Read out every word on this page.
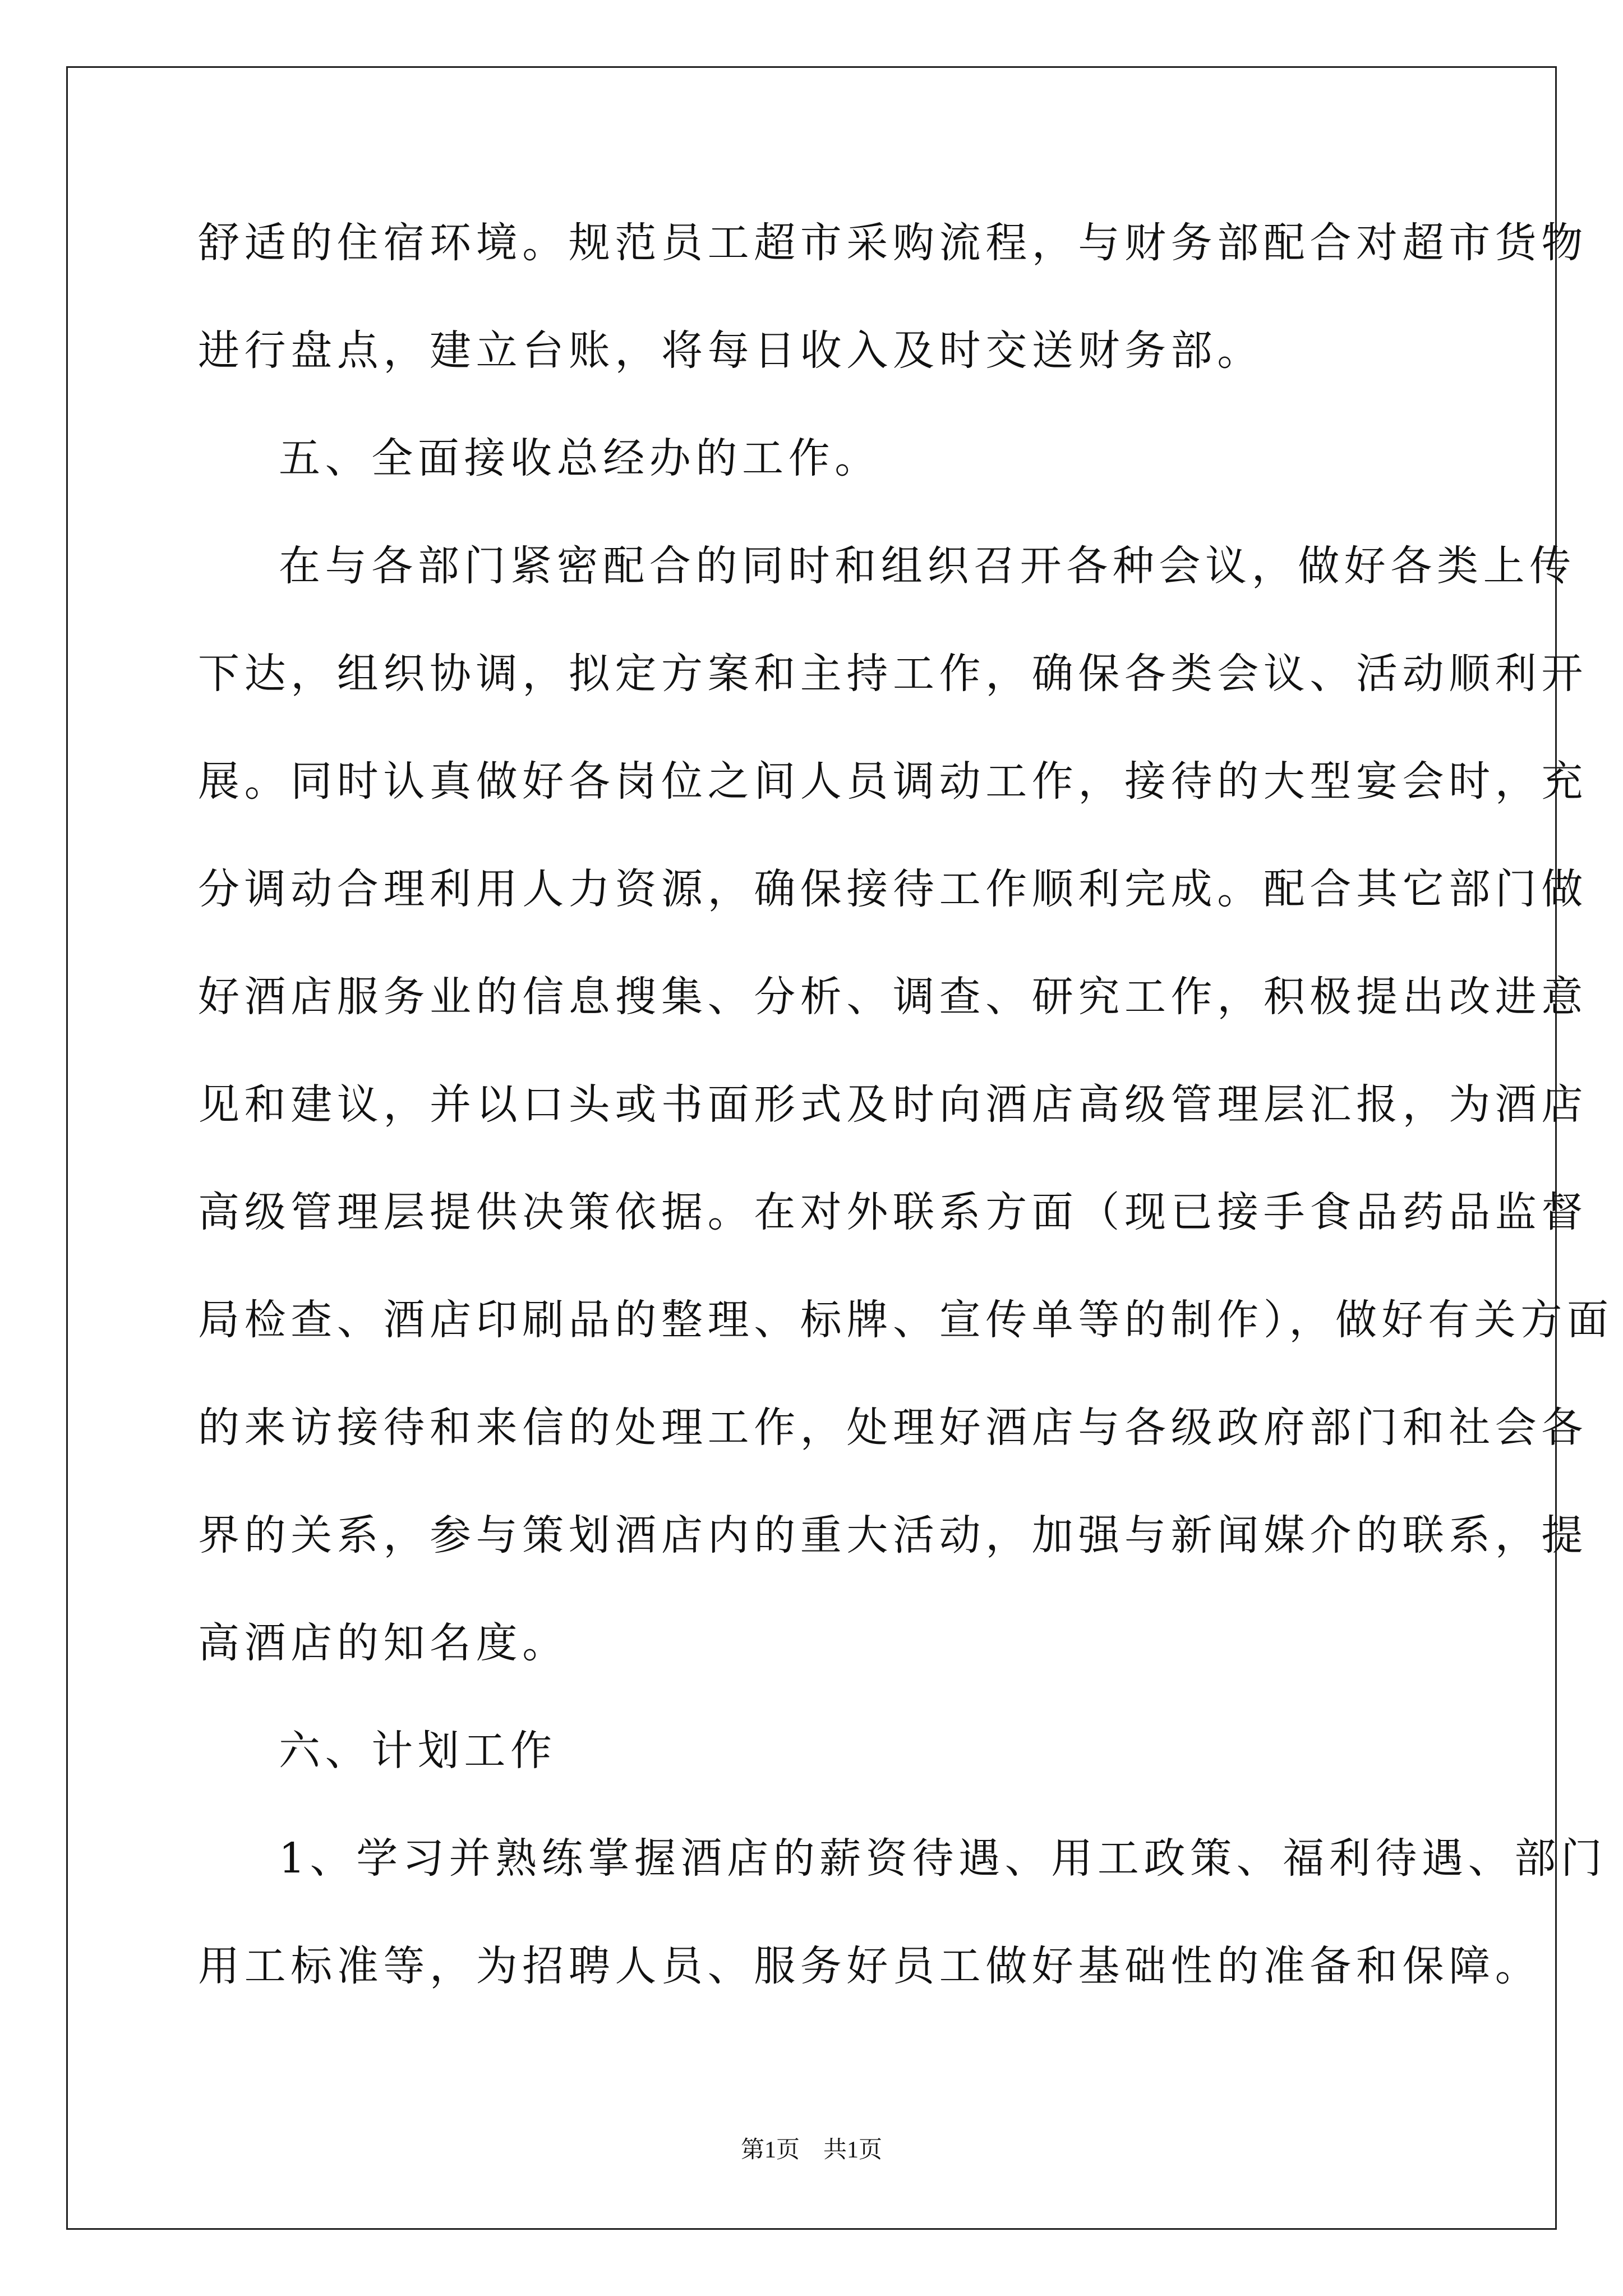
舒适的住宿环境。规范员工超市采购流程，与财务部配合对超市货物
进行盘点，建立台账，将每日收入及时交送财务部。
五、全面接收总经办的工作。
在与各部门紧密配合的同时和组织召开各种会议，做好各类上传
下达，组织协调，拟定方案和主持工作，确保各类会议、活动顺利开
展。同时认真做好各岗位之间人员调动工作，接待的大型宴会时，充
分调动合理利用人力资源，确保接待工作顺利完成。配合其它部门做
好酒店服务业的信息搜集、分析、调查、研究工作，积极提出改进意
见和建议，并以口头或书面形式及时向酒店高级管理层汇报，为酒店
高级管理层提供决策依据。在对外联系方面（现已接手食品药品监督
局检查、酒店印刷品的整理、标牌、宣传单等的制作），做好有关方面
的来访接待和来信的处理工作，处理好酒店与各级政府部门和社会各
界的关系，参与策划酒店内的重大活动，加强与新闻媒介的联系，提
高酒店的知名度。
六、计划工作
1、学习并熟练掌握酒店的薪资待遇、用工政策、福利待遇、部门
用工标准等，为招聘人员、服务好员工做好基础性的准备和保障。
第1页 共1页
